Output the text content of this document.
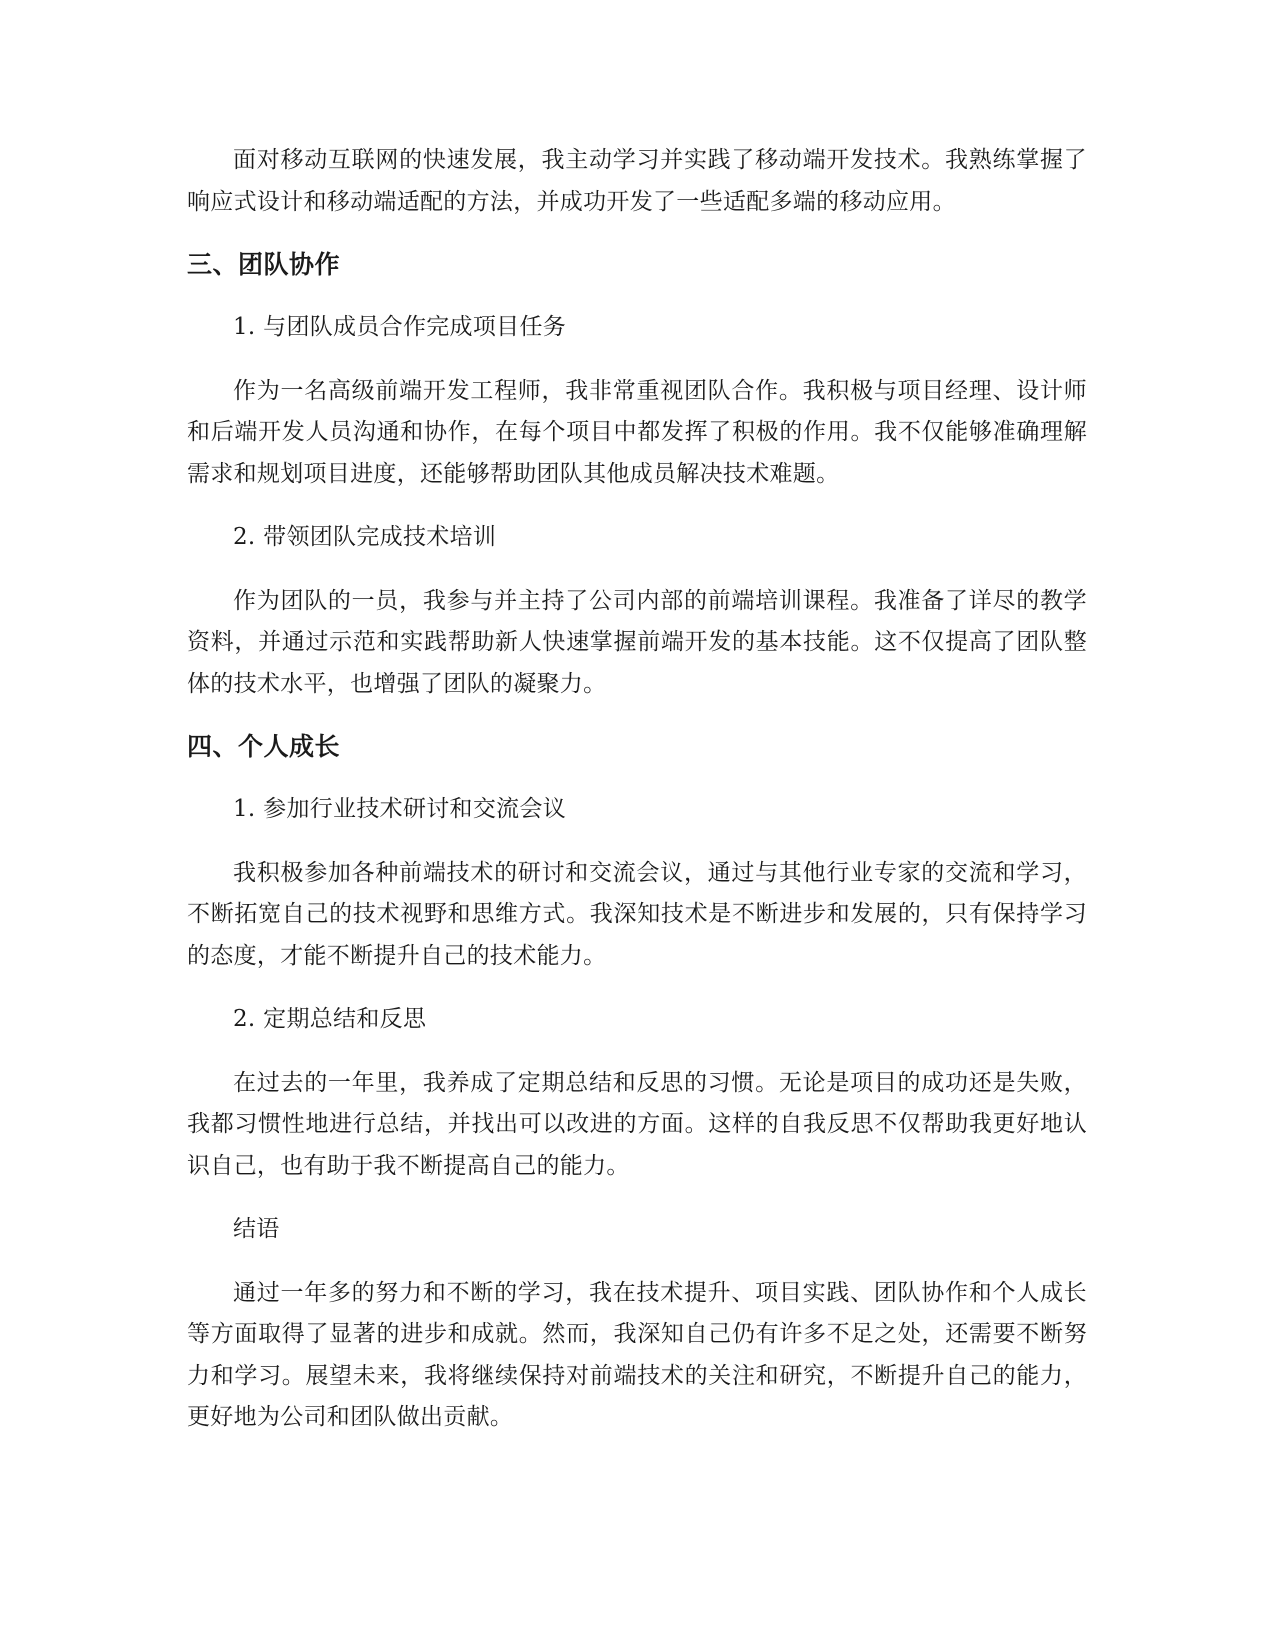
面对移动互联网的快速发展，我主动学习并实践了移动端开发技术。我熟练掌握了响应式设计和移动端适配的方法，并成功开发了一些适配多端的移动应用。

三、团队协作

1. 与团队成员合作完成项目任务

作为一名高级前端开发工程师，我非常重视团队合作。我积极与项目经理、设计师和后端开发人员沟通和协作，在每个项目中都发挥了积极的作用。我不仅能够准确理解需求和规划项目进度，还能够帮助团队其他成员解决技术难题。

2. 带领团队完成技术培训

作为团队的一员，我参与并主持了公司内部的前端培训课程。我准备了详尽的教学资料，并通过示范和实践帮助新人快速掌握前端开发的基本技能。这不仅提高了团队整体的技术水平，也增强了团队的凝聚力。

四、个人成长

1. 参加行业技术研讨和交流会议

我积极参加各种前端技术的研讨和交流会议，通过与其他行业专家的交流和学习，不断拓宽自己的技术视野和思维方式。我深知技术是不断进步和发展的，只有保持学习的态度，才能不断提升自己的技术能力。

2. 定期总结和反思

在过去的一年里，我养成了定期总结和反思的习惯。无论是项目的成功还是失败，我都习惯性地进行总结，并找出可以改进的方面。这样的自我反思不仅帮助我更好地认识自己，也有助于我不断提高自己的能力。

结语

通过一年多的努力和不断的学习，我在技术提升、项目实践、团队协作和个人成长等方面取得了显著的进步和成就。然而，我深知自己仍有许多不足之处，还需要不断努力和学习。展望未来，我将继续保持对前端技术的关注和研究，不断提升自己的能力，更好地为公司和团队做出贡献。
